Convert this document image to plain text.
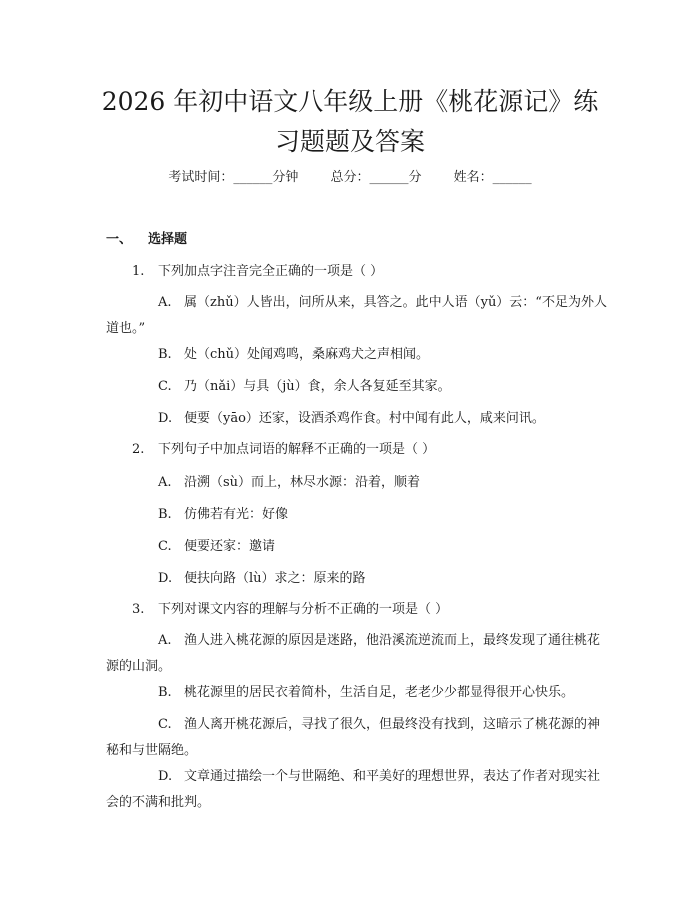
2026 年初中语文八年级上册《桃花源记》练
习题题及答案
考试时间：______分钟 总分：______分 姓名：______
一、 选择题
1. 下列加点字注音完全正确的一项是（ ）
A. 属（zhǔ）人皆出，问所从来，具答之。此中人语（yǔ）云：“不足为外人道也。”
B. 处（chǔ）处闻鸡鸣，桑麻鸡犬之声相闻。
C. 乃（nǎi）与具（jù）食，余人各复延至其家。
D. 便要（yāo）还家，设酒杀鸡作食。村中闻有此人，咸来问讯。
2. 下列句子中加点词语的解释不正确的一项是（ ）
A. 沿溯（sù）而上，林尽水源：沿着，顺着
B. 仿佛若有光：好像
C. 便要还家：邀请
D. 便扶向路（lù）求之：原来的路
3. 下列对课文内容的理解与分析不正确的一项是（ ）
A. 渔人进入桃花源的原因是迷路，他沿溪流逆流而上，最终发现了通往桃花源的山洞。
B. 桃花源里的居民衣着简朴，生活自足，老老少少都显得很开心快乐。
C. 渔人离开桃花源后，寻找了很久，但最终没有找到，这暗示了桃花源的神秘和与世隔绝。
D. 文章通过描绘一个与世隔绝、和平美好的理想世界，表达了作者对现实社会的不满和批判。
